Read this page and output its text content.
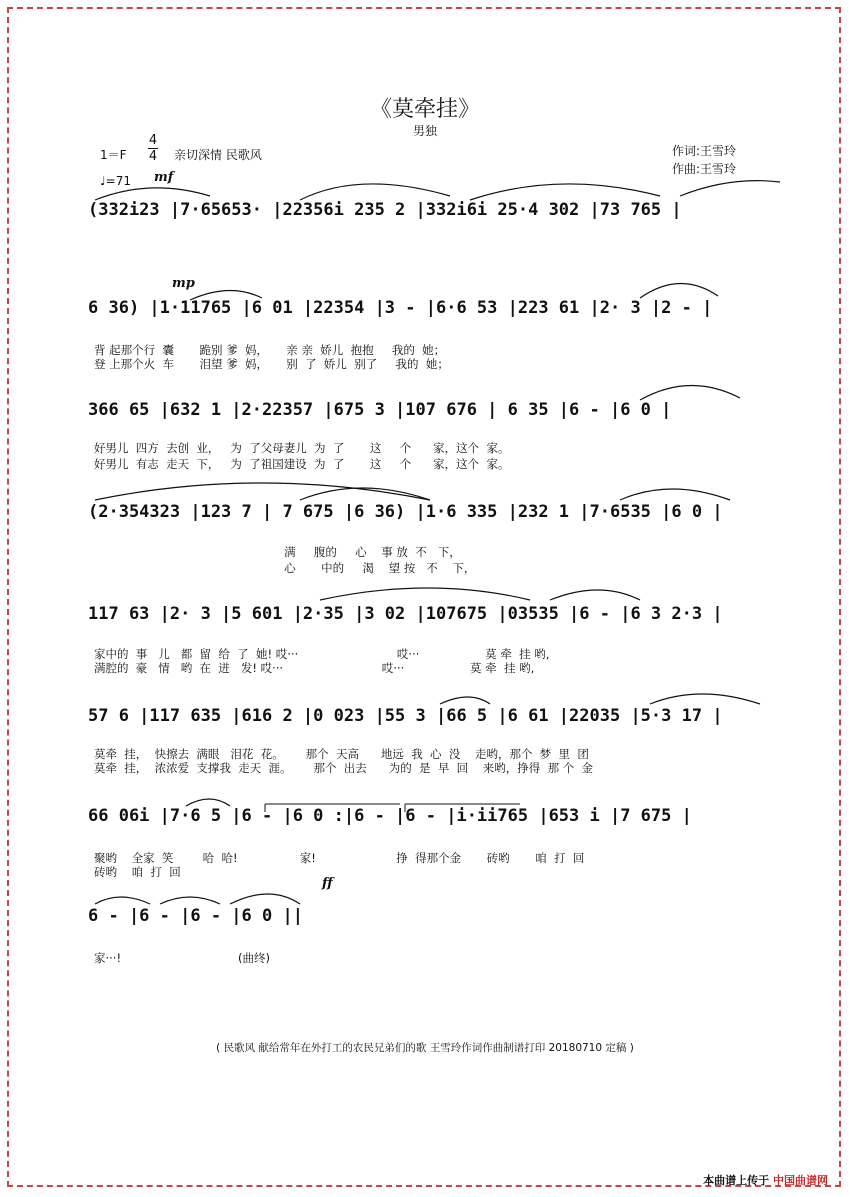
《莫牵挂》
男独
1＝F
4
4 亲切深情 民歌风
♩=71 mf
作词:王雪玲
作曲:王雪玲
(332i23 |7·65653· |22356i 235 2 |332i6i 25·4 302 |73 765 |
mp
6 36) |1·11765 |6 01 |22354 |3 - |6·6 53 |223 61 |2· 3 |2 - |
背 起那个行  囊       跪别 爹  妈，     亲 亲  娇儿  抱抱     我的  她；
登 上那个火  车       泪望 爹  妈，     别  了  娇儿  别了     我的  她；
366 65 |632 1 |2·22357 |675 3 |107 676 | 6 35 |6 - |6 0 |
好男儿  四方  去创  业，   为  了父母妻儿  为  了       这     个      家，这个  家。
好男儿  有志  走天  下，   为  了祖国建设  为  了       这     个      家，这个  家。
(2·354323 |123 7 | 7 675 |6 36) |1·6 335 |232 1 |7·6535 |6 0 |
满     腹的     心    事 放  不   下，
心       中的     渴    望 按   不    下，
117 63 |2· 3 |5 601 |2·35 |3 02 |107675 |03535 |6 - |6 3 2·3 |
家中的  事   儿   都  留  给  了  她! 哎···                           哎···                  莫 牵  挂 哟,
满腔的  豪   情   哟  在  迸   发! 哎···                           哎···                  莫 牵  挂 哟,
57 6 |117 635 |616 2 |0 023 |55 3 |66 5 |6 61 |22035 |5·3 17 |
莫牵  挂，  快擦去  满眼   泪花  花。      那个  天高      地远  我  心  没    走哟，那个  梦  里  团
莫牵  挂，  浓浓爱  支撑我  走天  涯。      那个  出去      为的  是  早  回    来哟，挣得  那 个  金
66 06i |7·6 5 |6 - |6 0 :|6 - |6 - |i·ii765 |653 i |7 675 |
聚哟    全家  笑        哈  哈!                 家!                      挣  得那个金       砖哟       咱  打  回
砖哟    咱  打  回
ff
6 - |6 - |6 - |6 0 ||
家···!                                (曲终)
( 民歌风 献给常年在外打工的农民兄弟们的歌 王雪玲作词作曲制谱打印 20180710 定稿 )
本曲谱上传于 中国曲谱网
